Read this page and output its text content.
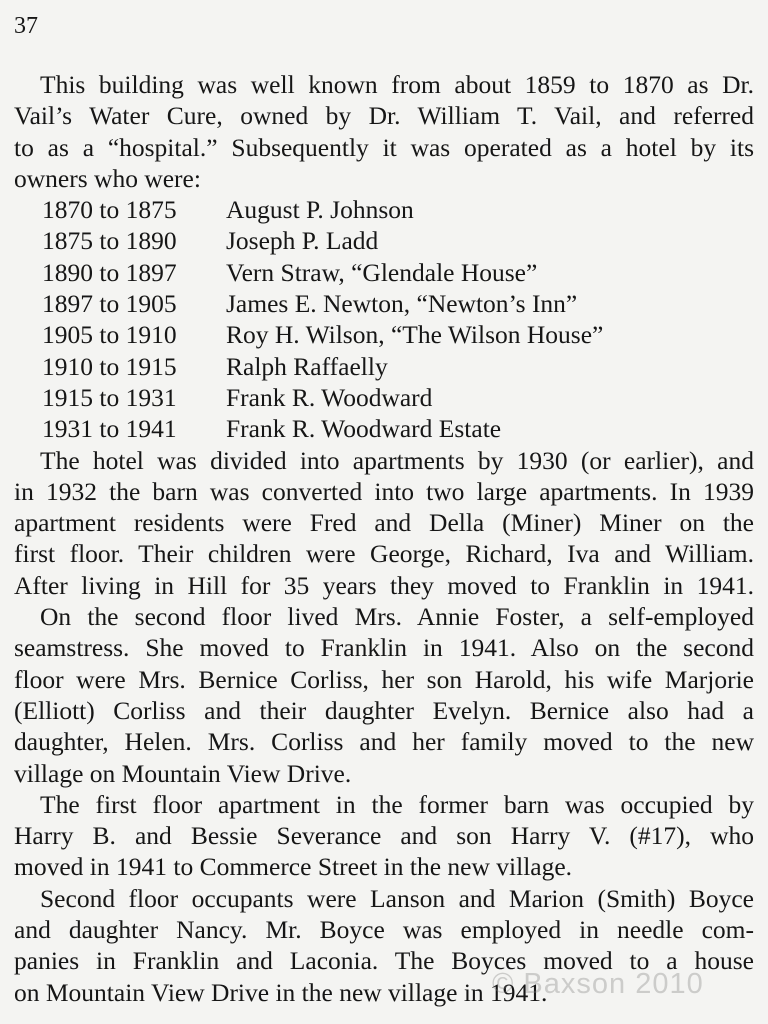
37
This building was well known from about 1859 to 1870 as Dr.
Vail’s Water Cure, owned by Dr. William T. Vail, and referred
to as a “hospital.” Subsequently it was operated as a hotel by its
owners who were:
1870 to 1875	August P. Johnson
1875 to 1890	Joseph P. Ladd
1890 to 1897	Vern Straw, “Glendale House”
1897 to 1905	James E. Newton, “Newton’s Inn”
1905 to 1910	Roy H. Wilson, “The Wilson House”
1910 to 1915	Ralph Raffaelly
1915 to 1931	Frank R. Woodward
1931 to 1941	Frank R. Woodward Estate
The hotel was divided into apartments by 1930 (or earlier), and
in 1932 the barn was converted into two large apartments. In 1939
apartment residents were Fred and Della (Miner) Miner on the
first floor. Their children were George, Richard, Iva and William.
After living in Hill for 35 years they moved to Franklin in 1941.
On the second floor lived Mrs. Annie Foster, a self-employed
seamstress. She moved to Franklin in 1941. Also on the second
floor were Mrs. Bernice Corliss, her son Harold, his wife Marjorie
(Elliott) Corliss and their daughter Evelyn. Bernice also had a
daughter, Helen. Mrs. Corliss and her family moved to the new
village on Mountain View Drive.
The first floor apartment in the former barn was occupied by
Harry B. and Bessie Severance and son Harry V. (#17), who
moved in 1941 to Commerce Street in the new village.
Second floor occupants were Lanson and Marion (Smith) Boyce
and daughter Nancy. Mr. Boyce was employed in needle com-
panies in Franklin and Laconia. The Boyces moved to a house
on Mountain View Drive in the new village in 1941.
© Baxson 2010
